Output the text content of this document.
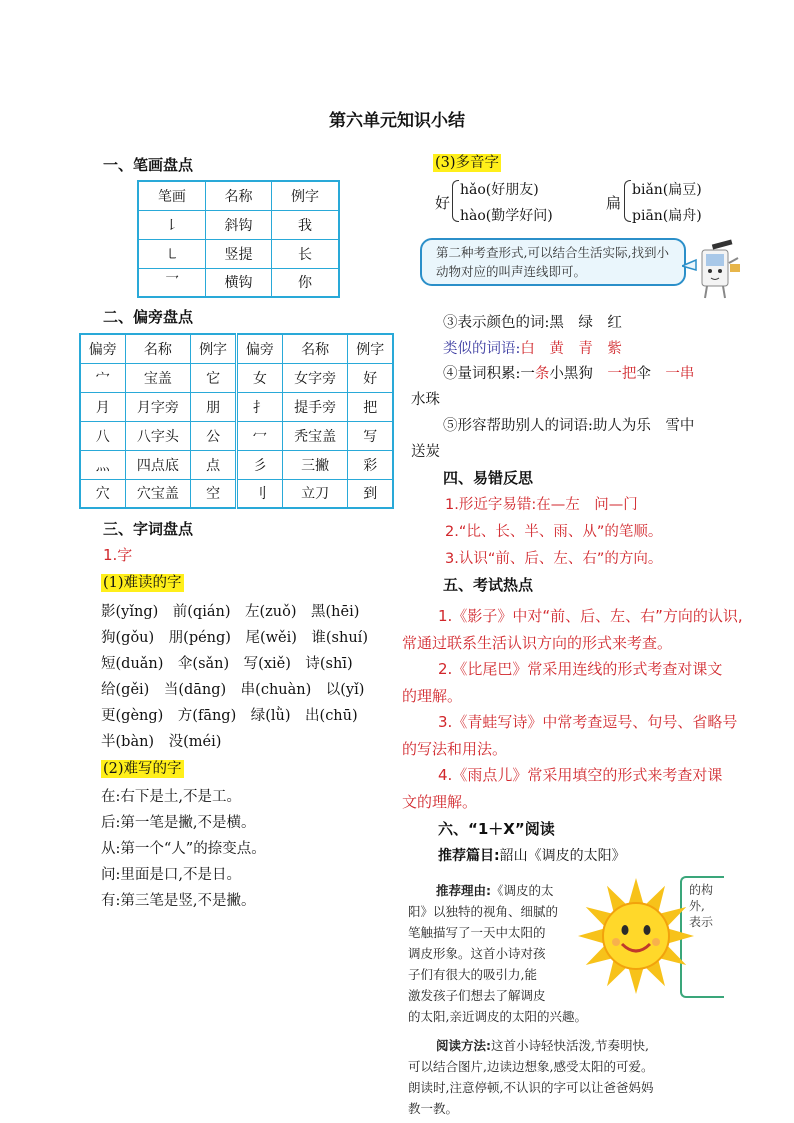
第六单元知识小结
一、笔画盘点
笔画	名称	例字
㇙	斜钩	我
㇄	竖提	长
乛	横钩	你
二、偏旁盘点
偏旁	名称	例字	偏旁	名称	例字
宀	宝盖	它	女	女字旁	好
月	月字旁	朋	扌	提手旁	把
八	八字头	公	冖	秃宝盖	写
灬	四点底	点	彡	三撇	彩
穴	穴宝盖	空	刂	立刀	到
三、字词盘点
1.字
(1)难读的字
影(yǐng)　前(qián)　左(zuǒ)　黑(hēi)
狗(gǒu)　朋(péng)　尾(wěi)　谁(shuí)
短(duǎn)　伞(sǎn)　写(xiě)　诗(shī)
给(gěi)　当(dāng)　串(chuàn)　以(yǐ)
更(gèng)　方(fāng)　绿(lǜ)　出(chū)
半(bàn)　没(méi)
(2)难写的字
在:右下是土,不是工。
后:第一笔是撇,不是横。
从:第一个“人”的捺变点。
问:里面是口,不是日。
有:第三笔是竖,不是撇。
(3)多音字
好
hǎo(好朋友)
hào(勤学好问)
扁
biǎn(扁豆)
piān(扁舟)
第二种考查形式,可以结合生活实际,找到小动物对应的叫声连线即可。
③表示颜色的词:黑　绿　红
类似的词语:白　黄　青　紫
④量词积累:一条小黑狗　一把伞　一串
水珠
⑤形容帮助别人的词语:助人为乐　雪中
送炭
四、易错反思
1.形近字易错:在—左　问—门
2.“比、长、半、雨、从”的笔顺。
3.认识“前、后、左、右”的方向。
五、考试热点
1.《影子》中对“前、后、左、右”方向的认识,
常通过联系生活认识方向的形式来考查。
2.《比尾巴》常采用连线的形式考查对课文
的理解。
3.《青蛙写诗》中常考查逗号、句号、省略号
的写法和用法。
4.《雨点儿》常采用填空的形式来考查对课
文的理解。
六、“1＋X”阅读
推荐篇目:韶山《调皮的太阳》
的构
外,
表示
推荐理由:《调皮的太
阳》以独特的视角、细腻的
笔触描写了一天中太阳的
调皮形象。这首小诗对孩
子们有很大的吸引力,能
激发孩子们想去了解调皮
的太阳,亲近调皮的太阳的兴趣。
阅读方法:这首小诗轻快活泼,节奏明快,
可以结合图片,边读边想象,感受太阳的可爱。
朗读时,注意停顿,不认识的字可以让爸爸妈妈
教一教。
